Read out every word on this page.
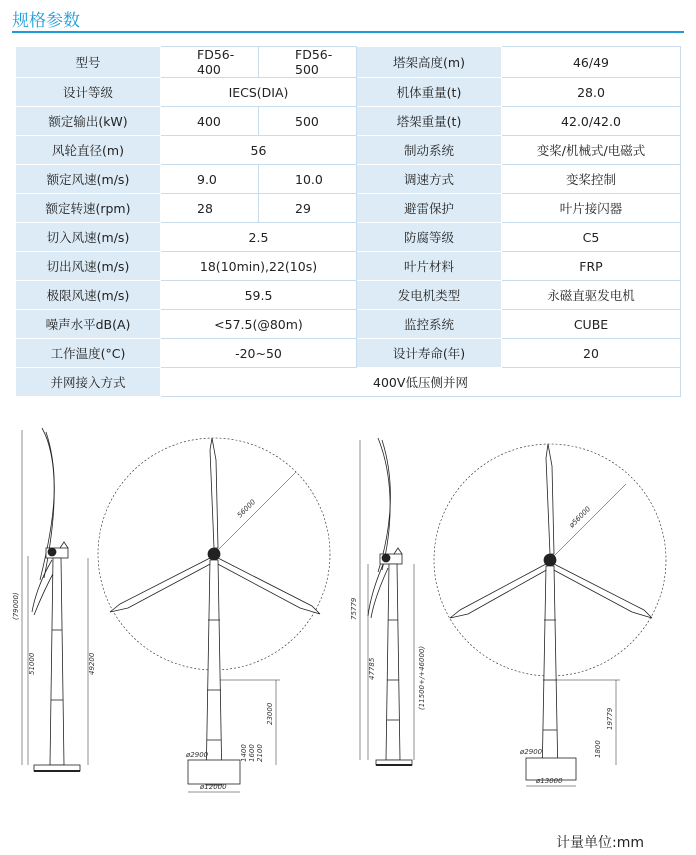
规格参数
型号	FD56-400	FD56-500	塔架高度(m)	46/49
设计等级	IECS(DIA)		机体重量(t)	28.0
额定输出(kW)	400	500	塔架重量(t)	42.0/42.0
风轮直径(m)	56		制动系统	变桨/机械式/电磁式
额定风速(m/s)	9.0	10.0	调速方式	变桨控制
额定转速(rpm)	28	29	避雷保护	叶片接闪器
切入风速(m/s)	2.5		防腐等级	C5
切出风速(m/s)	18(10min),22(10s)		叶片材料	FRP
极限风速(m/s)	59.5		发电机类型	永磁直驱发电机
噪声水平dB(A)	<57.5(@80m)		监控系统	CUBE
工作温度(°C)	-20~50		设计寿命(年)	20
并网接入方式	400V低压侧并网			
(79000)
51000	49200
56000
23000
ø2900
ø12000
1400 1600 2100
75779
47785	(11500+/+46000)
ø56000
19779
ø2900
ø13000
1800
计量单位:mm
